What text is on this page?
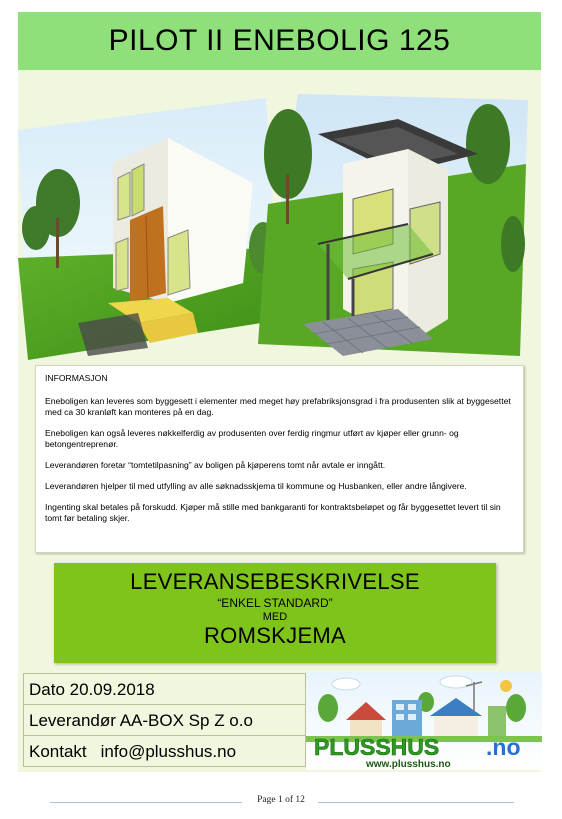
PILOT II ENEBOLIG 125

INFORMASJON

Eneboligen kan leveres som byggesett i elementer med meget høy prefabriksjonsgrad i fra produsenten slik at byggesettet med ca 30 kranløft kan monteres på en dag.

Eneboligen kan også leveres nøkkelferdig av produsenten over ferdig ringmur utført av kjøper eller grunn- og betongentreprenør.

Leverandøren foretar “tomtetilpasning” av boligen på kjøperens tomt når avtale er inngått.

Leverandøren hjelper til med utfylling av alle søknadsskjema til kommune og Husbanken, eller andre långivere.

Ingenting skal betales på forskudd. Kjøper må stille med bankgaranti for kontraktsbeløpet og får byggesettet levert til sin tomt før betaling skjer.

LEVERANSEBESKRIVELSE
“ENKEL STANDARD”
MED
ROMSKJEMA
Dato 20.09.2018
Leverandør AA-BOX Sp Z o.o
Kontakt info@plusshus.no	PLUSSHUS .no
www.plusshus.no
Page 1 of 12
